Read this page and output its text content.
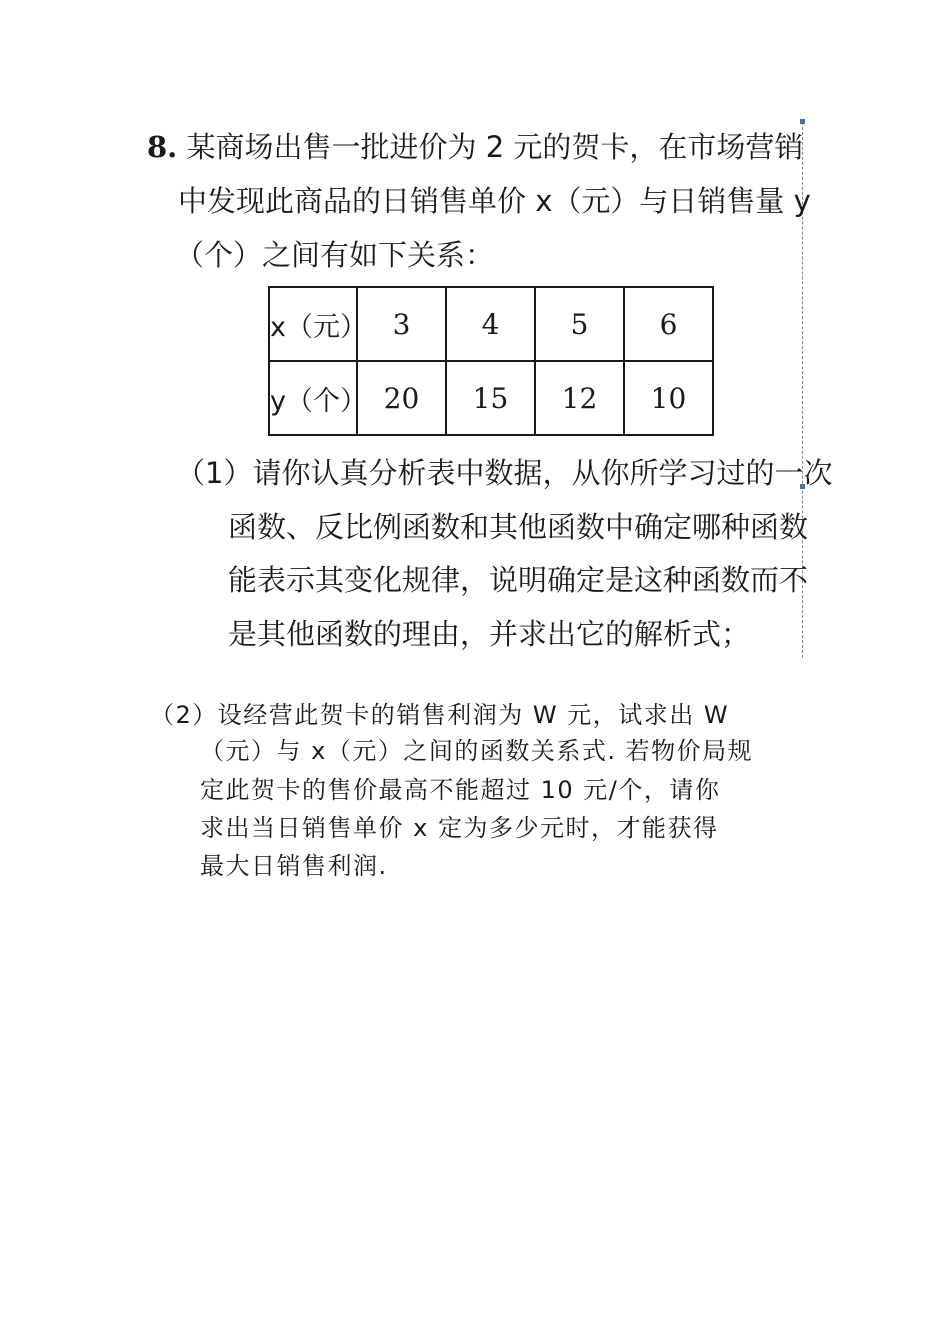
8. 某商场出售一批进价为 2 元的贺卡，在市场营销
中发现此商品的日销售单价 x（元）与日销售量 y
（个）之间有如下关系：
x（元）	3	4	5	6
y（个）	20	15	12	10
（1）请你认真分析表中数据，从你所学习过的一次
函数、反比例函数和其他函数中确定哪种函数
能表示其变化规律，说明确定是这种函数而不
是其他函数的理由，并求出它的解析式；
（2）设经营此贺卡的销售利润为 W 元，试求出 W
（元）与 x（元）之间的函数关系式. 若物价局规
定此贺卡的售价最高不能超过 10 元/个，请你
求出当日销售单价 x 定为多少元时，才能获得
最大日销售利润.
